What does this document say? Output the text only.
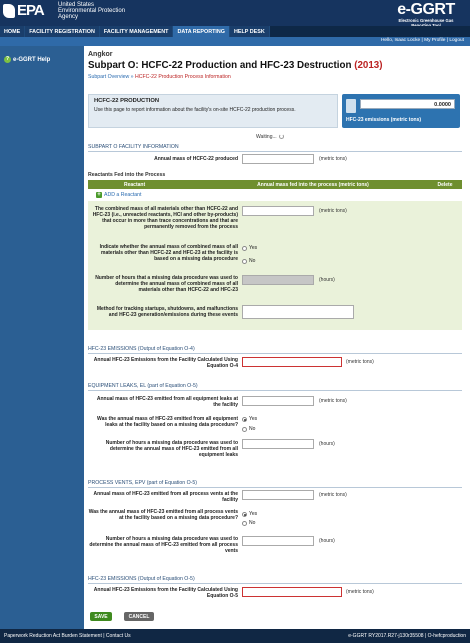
EPA United States
Environmental Protection
Agency	e-GGRT
Electronic Greenhouse Gas
HOME	FACILITY REGISTRATION	FACILITY MANAGEMENT	DATA REPORTING	HELP DESK
Hello, Isaac Locke | My Profile | Logout
? e-GGRT Help
Angkor
Subpart O: HCFC-22 Production and HFC-23 Destruction (2013)
Subpart Overview » HCFC-22 Production Process Information
HCFC-22 PRODUCTION

Use this page to report information about the facility's on-site HCFC-22 production process.

0.0000
HFC-23 emissions (metric tons)
Waiting...
SUBPART O FACILITY INFORMATION
Annual mass of HCFC-22 produced	(metric tons)
Reactants Fed into the Process
Reactant	Annual mass fed into the process (metric tons)	Delete
+ ADD a Reactant
The combined mass of all materials other than HCFC-22 and HFC-23 (i.e., unreacted reactants, HCl and other by-products) that occur in more than trace concentrations and that are permanently removed from the process
(metric tons)
Indicate whether the annual mass of combined mass of all materials other than HCFC-22 and HFC-23 at the facility is based on a missing data procedure
Yes
No
Number of hours that a missing data procedure was used to determine the annual mass of combined mass of all materials other than HCFC-22 and HFC-23
(hours)
Method for tracking startups, shutdowns, and malfunctions and HFC-23 generation/emissions during these events
HFC-23 EMISSIONS (Output of Equation O-4)
Annual HFC-23 Emissions from the Facility Calculated Using Equation O-4
(metric tons)
EQUIPMENT LEAKS, EL (part of Equation O-5)
Annual mass of HFC-23 emitted from all equipment leaks at the facility
(metric tons)
Was the annual mass of HFC-23 emitted from all equipment leaks at the facility based on a missing data procedure?
Yes
No
Number of hours a missing data procedure was used to determine the annual mass of HFC-23 emitted from all equipment leaks
(hours)
PROCESS VENTS, EPV (part of Equation O-5)
Annual mass of HFC-23 emitted from all process vents at the facility
(metric tons)
Was the annual mass of HFC-23 emitted from all process vents at the facility based on a missing data procedure?
Yes
No
Number of hours a missing data procedure was used to determine the annual mass of HFC-23 emitted from all process vents
(hours)
HFC-23 EMISSIONS (Output of Equation O-5)
Annual HFC-23 Emissions from the Facility Calculated Using Equation O-5
(metric tons)
SAVE	CANCEL
Paperwork Reduction Act Burden Statement | Contact Us	e-GGRT RY2017.R27-j130r35508 | O-hefcproduction
